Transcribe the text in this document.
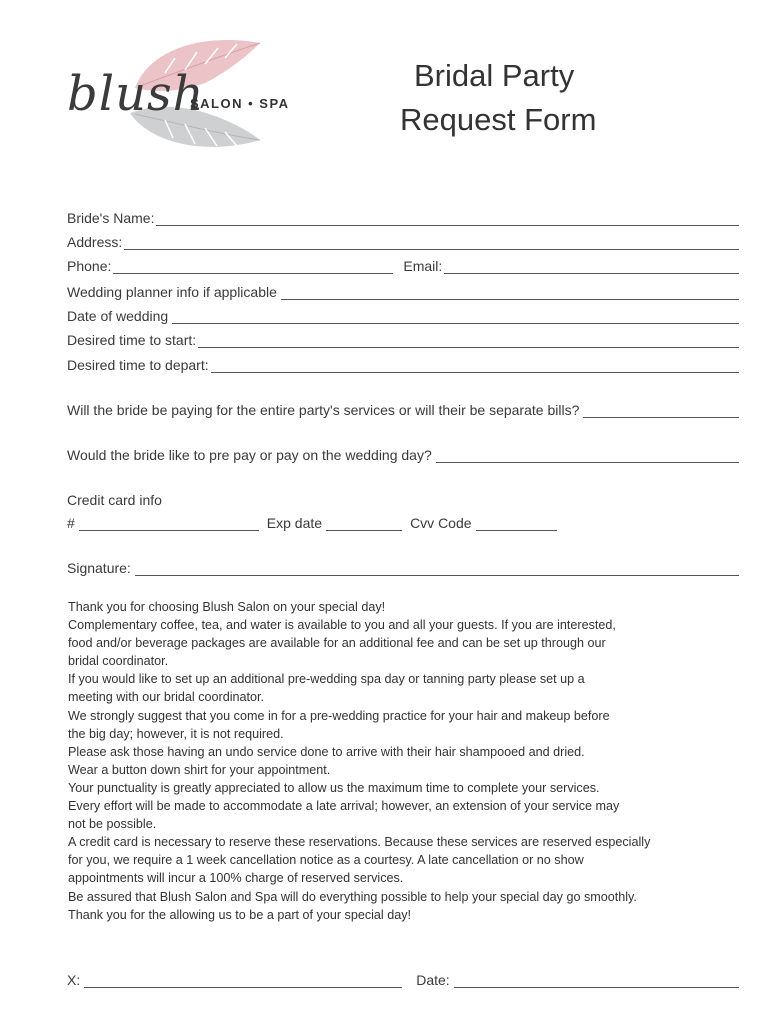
blush
SALON • SPA
Bridal Party
Request Form
Bride's Name:
Address:
Phone:	Email:
Wedding planner info if applicable
Date of wedding
Desired time to start:
Desired time to depart:
Will the bride be paying for the entire party's services or will their be separate bills?
Would the bride like to pre pay or pay on the wedding day?
Credit card info
#	Exp date	Cvv Code
Signature:

Thank you for choosing Blush Salon on your special day!

Complementary coffee, tea, and water is available to you and all your guests. If you are interested,

food and/or beverage packages are available for an additional fee and can be set up through our

bridal coordinator.

If you would like to set up an additional pre-wedding spa day or tanning party please set up a

meeting with our bridal coordinator.

We strongly suggest that you come in for a pre-wedding practice for your hair and makeup before

the big day; however, it is not required.

Please ask those having an undo service done to arrive with their hair shampooed and dried.

Wear a button down shirt for your appointment.

Your punctuality is greatly appreciated to allow us the maximum time to complete your services.

Every effort will be made to accommodate a late arrival; however, an extension of your service may

not be possible.

A credit card is necessary to reserve these reservations. Because these services are reserved especially

for you, we require a 1 week cancellation notice as a courtesy. A late cancellation or no show

appointments will incur a 100% charge of reserved services.

Be assured that Blush Salon and Spa will do everything possible to help your special day go smoothly.

Thank you for the allowing us to be a part of your special day!

X:	Date:
